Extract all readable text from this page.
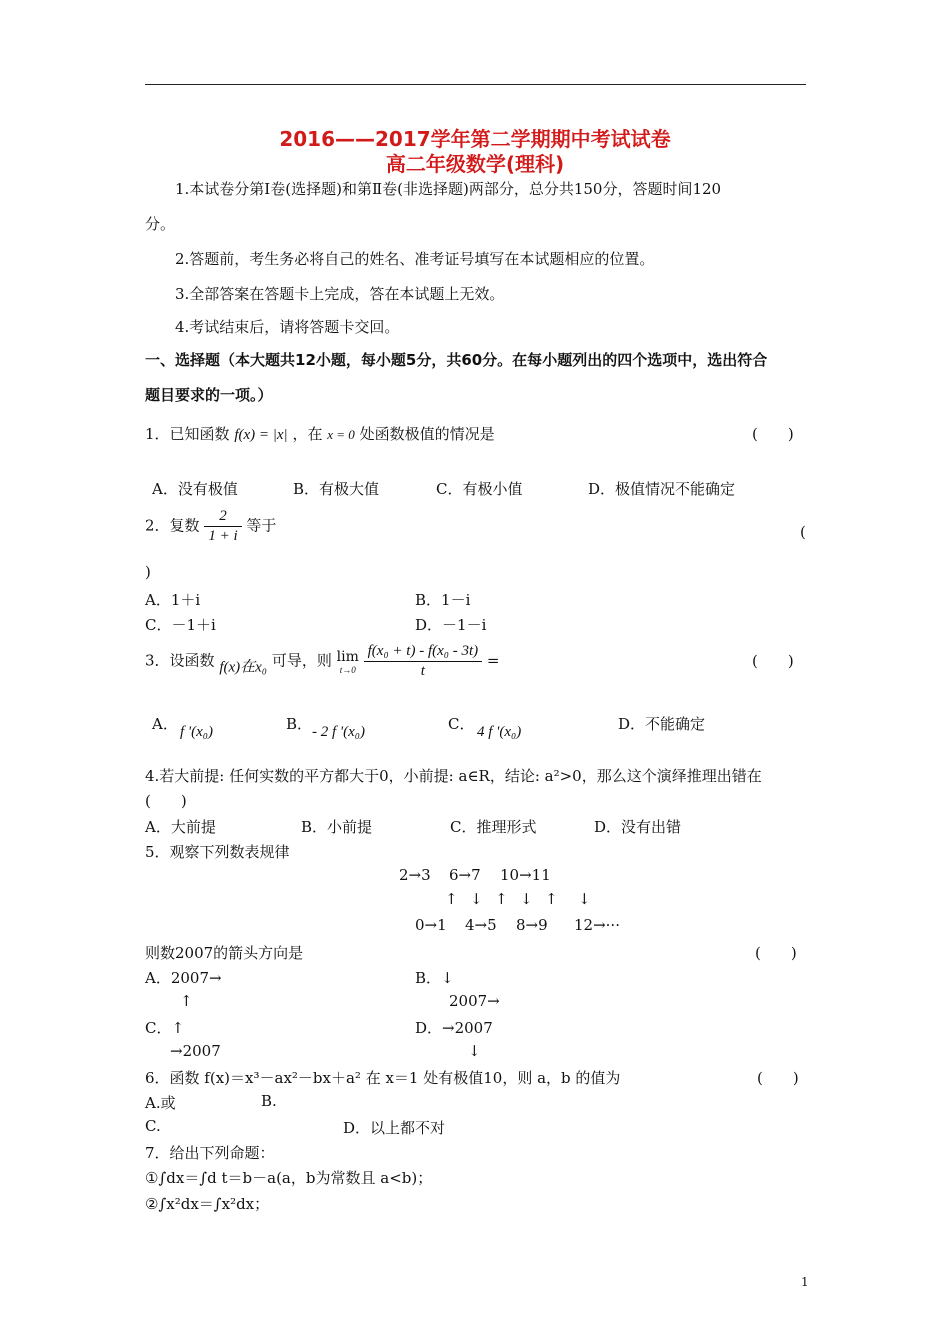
2016——2017学年第二学期期中考试试卷
高二年级数学(理科)
1.本试卷分第Ⅰ卷(选择题)和第Ⅱ卷(非选择题)两部分，总分共150分，答题时间120
分。
2.答题前，考生务必将自己的姓名、准考证号填写在本试题相应的位置。
3.全部答案在答题卡上完成，答在本试题上无效。
4.考试结束后，请将答题卡交回。
一、选择题（本大题共12小题，每小题5分，共60分。在每小题列出的四个选项中，选出符合
题目要求的一项。）
1．已知函数 f(x) = |x| ，在 x = 0 处函数极值的情况是	(　　)
A．没有极值	B．有极大值	C．有极小值	D．极值情况不能确定
2．复数 $\frac{2}{1 + i}$ 等于	(
)
A．1＋i	B．1－i
C．－1＋i	D．－1－i
3．设函数 f(x)在x₀ 可导，则 lim
t→0
$\frac{\text{f(x₀ + t) - f(x₀ - 3t)}}{t}$ =	(　　)
A． f '(x₀)	B． - 2 f '(x₀)	C． 4 f '(x₀)	D．不能确定
4.若大前提: 任何实数的平方都大于0，小前提: a∈R，结论: a²>0，那么这个演绎推理出错在
(　　)
A．大前提	B．小前提	C．推理形式	D．没有出错
5．观察下列数表规律
2→3 6→7 10→11
↑ ↓ ↑ ↓ ↑ ↓
0→1 4→5 8→9 12→···
则数2007的箭头方向是	(　　)
A．2007→	B．↓
↑	2007→
C．↑	D．→2007
→2007	↓
6．函数 f(x)＝x³－ax²－bx＋a² 在 x＝1 处有极值10，则 a，b 的值为	(　　)
A.或	B.
C.	D．以上都不对
7．给出下列命题：
①∫dx＝∫d t＝b－a(a，b为常数且 a<b)；
②∫x²dx＝∫x²dx；
1
